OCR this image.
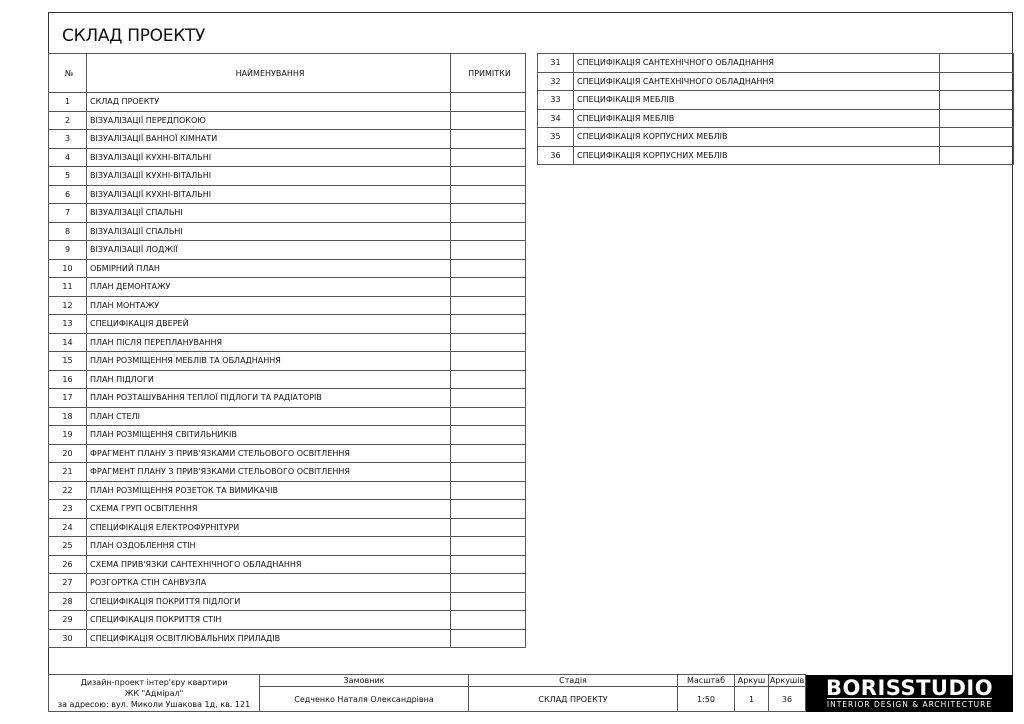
СКЛАД ПРОЕКТУ
№	НАЙМЕНУВАННЯ	ПРИМІТКИ
1	СКЛАД ПРОЕКТУ	
2	ВІЗУАЛІЗАЦІЇ ПЕРЕДПОКОЮ	
3	ВІЗУАЛІЗАЦІЇ ВАННОЇ КІМНАТИ	
4	ВІЗУАЛІЗАЦІЇ КУХНІ-ВІТАЛЬНІ	
5	ВІЗУАЛІЗАЦІЇ КУХНІ-ВІТАЛЬНІ	
6	ВІЗУАЛІЗАЦІЇ КУХНІ-ВІТАЛЬНІ	
7	ВІЗУАЛІЗАЦІЇ СПАЛЬНІ	
8	ВІЗУАЛІЗАЦІЇ СПАЛЬНІ	
9	ВІЗУАЛІЗАЦІЇ ЛОДЖІЇ	
10	ОБМІРНИЙ ПЛАН	
11	ПЛАН ДЕМОНТАЖУ	
12	ПЛАН МОНТАЖУ	
13	СПЕЦИФІКАЦІЯ ДВЕРЕЙ	
14	ПЛАН ПІСЛЯ ПЕРЕПЛАНУВАННЯ	
15	ПЛАН РОЗМІЩЕННЯ МЕБЛІВ ТА ОБЛАДНАННЯ	
16	ПЛАН ПІДЛОГИ	
17	ПЛАН РОЗТАШУВАННЯ ТЕПЛОЇ ПІДЛОГИ ТА РАДІАТОРІВ	
18	ПЛАН СТЕЛІ	
19	ПЛАН РОЗМІЩЕННЯ СВІТИЛЬНИКІВ	
20	ФРАГМЕНТ ПЛАНУ З ПРИВ'ЯЗКАМИ СТЕЛЬОВОГО ОСВІТЛЕННЯ	
21	ФРАГМЕНТ ПЛАНУ З ПРИВ'ЯЗКАМИ СТЕЛЬОВОГО ОСВІТЛЕННЯ	
22	ПЛАН РОЗМІЩЕННЯ РОЗЕТОК ТА ВИМИКАЧІВ	
23	СХЕМА ГРУП ОСВІТЛЕННЯ	
24	СПЕЦИФІКАЦІЯ ЕЛЕКТРОФУРНІТУРИ	
25	ПЛАН ОЗДОБЛЕННЯ СТІН	
26	СХЕМА ПРИВ'ЯЗКИ САНТЕХНІЧНОГО ОБЛАДНАННЯ	
27	РОЗГОРТКА СТІН САНВУЗЛА	
28	СПЕЦИФІКАЦІЯ ПОКРИТТЯ ПІДЛОГИ	
29	СПЕЦИФІКАЦІЯ ПОКРИТТЯ СТІН	
30	СПЕЦИФІКАЦІЯ ОСВІТЛЮВАЛЬНИХ ПРИЛАДІВ	
31	СПЕЦИФІКАЦІЯ САНТЕХНІЧНОГО ОБЛАДНАННЯ	
32	СПЕЦИФІКАЦІЯ САНТЕХНІЧНОГО ОБЛАДНАННЯ	
33	СПЕЦИФІКАЦІЯ МЕБЛІВ	
34	СПЕЦИФІКАЦІЯ МЕБЛІВ	
35	СПЕЦИФІКАЦІЯ КОРПУСНИХ МЕБЛІВ	
36	СПЕЦИФІКАЦІЯ КОРПУСНИХ МЕБЛІВ	
Дизайн-проект інтер'єру квартири
ЖК "Адмірал"
за адресою: вул. Миколи Ушакова 1д, кв. 121
Замовник
Седченко Наталя Олександрівна
Стадія
СКЛАД ПРОЕКТУ
Масштаб
1:50
Аркуш
1
Аркушів
36	BORISSTUDIO
INTERIOR DESIGN & ARCHITECTURE
